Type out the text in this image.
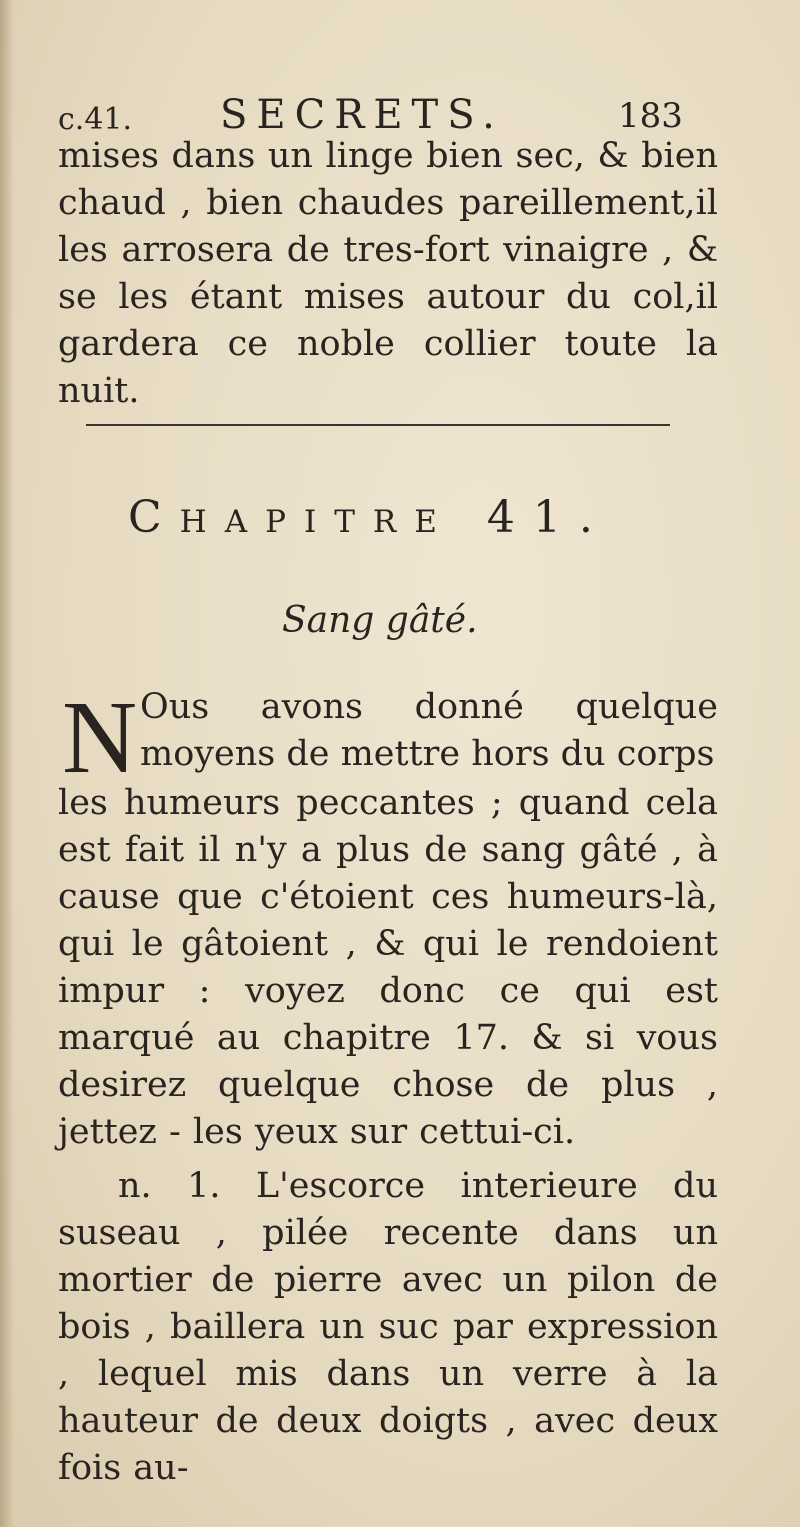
c.41. SECRETS.	183

mises dans un linge bien sec, & bien chaud , bien chaudes pareillement,il les arrosera de tres-fort vinaigre , & se les étant mises autour du col,il gardera ce noble collier toute la nuit.

Chapitre 41.
Sang gâté.
N Ous avons donné quelque moyens de mettre hors du corps

les humeurs peccantes ; quand cela est fait il n'y a plus de sang gâté , à cause que c'étoient ces humeurs-là, qui le gâtoient , & qui le rendoient impur : voyez donc ce qui est marqué au chapitre 17. & si vous desirez quelque chose de plus , jettez - les yeux sur cettui-ci.

n. 1. L'escorce interieure du suseau , pilée recente dans un mortier de pierre avec un pilon de bois , baillera un suc par expression , lequel mis dans un verre à la hauteur de deux doigts , avec deux fois au-
